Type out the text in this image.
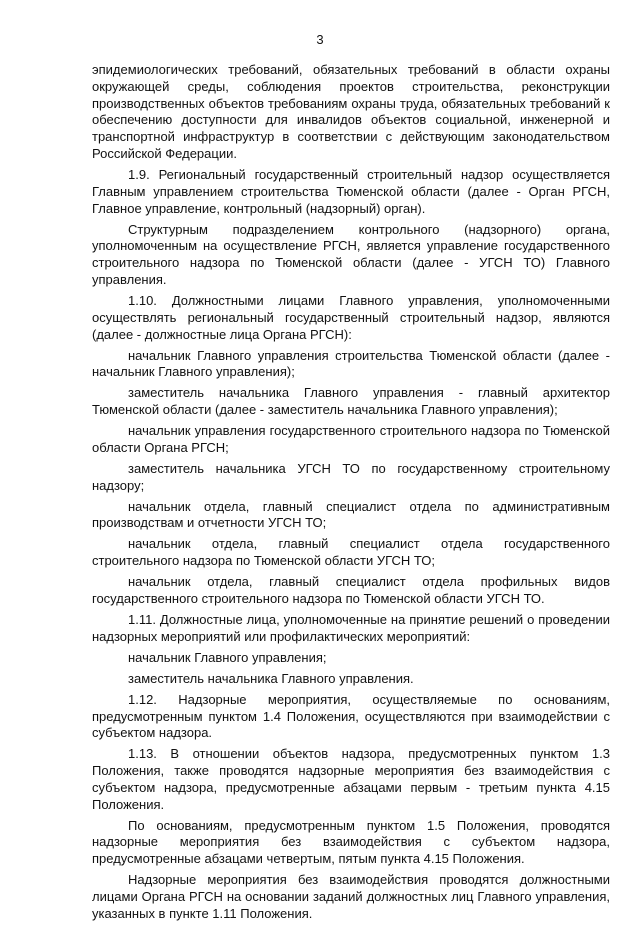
3

эпидемиологических требований, обязательных требований в области охраны окружающей среды, соблюдения проектов строительства, реконструкции производственных объектов требованиям охраны труда, обязательных требований к обеспечению доступности для инвалидов объектов социальной, инженерной и транспортной инфраструктур в соответствии с действующим законодательством Российской Федерации.

1.9. Региональный государственный строительный надзор осуществляется Главным управлением строительства Тюменской области (далее - Орган РГСН, Главное управление, контрольный (надзорный) орган).

Структурным подразделением контрольного (надзорного) органа, уполномоченным на осуществление РГСН, является управление государственного строительного надзора по Тюменской области (далее - УГСН ТО) Главного управления.

1.10. Должностными лицами Главного управления, уполномоченными осуществлять региональный государственный строительный надзор, являются (далее - должностные лица Органа РГСН):

начальник Главного управления строительства Тюменской области (далее - начальник Главного управления);

заместитель начальника Главного управления - главный архитектор Тюменской области (далее - заместитель начальника Главного управления);

начальник управления государственного строительного надзора по Тюменской области Органа РГСН;

заместитель начальника УГСН ТО по государственному строительному надзору;

начальник отдела, главный специалист отдела по административным производствам и отчетности УГСН ТО;

начальник отдела, главный специалист отдела государственного строительного надзора по Тюменской области УГСН ТО;

начальник отдела, главный специалист отдела профильных видов государственного строительного надзора по Тюменской области УГСН ТО.

1.11. Должностные лица, уполномоченные на принятие решений о проведении надзорных мероприятий или профилактических мероприятий:

начальник Главного управления;

заместитель начальника Главного управления.

1.12. Надзорные мероприятия, осуществляемые по основаниям, предусмотренным пунктом 1.4 Положения, осуществляются при взаимодействии с субъектом надзора.

1.13. В отношении объектов надзора, предусмотренных пунктом 1.3 Положения, также проводятся надзорные мероприятия без взаимодействия с субъектом надзора, предусмотренные абзацами первым - третьим пункта 4.15 Положения.

По основаниям, предусмотренным пунктом 1.5 Положения, проводятся надзорные мероприятия без взаимодействия с субъектом надзора, предусмотренные абзацами четвертым, пятым пункта 4.15 Положения.

Надзорные мероприятия без взаимодействия проводятся должностными лицами Органа РГСН на основании заданий должностных лиц Главного управления, указанных в пункте 1.11 Положения.
